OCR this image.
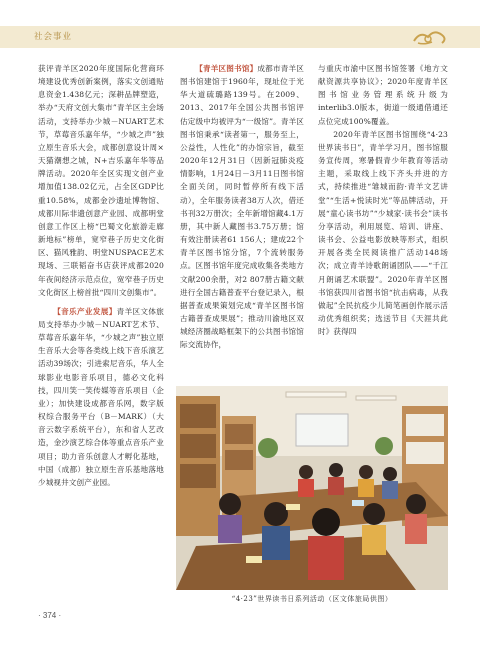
社会事业

获评青羊区2020年度国际化营商环境建设优秀创新案例，落实文创通贴息资金1.438亿元；深耕品牌塑造，举办“天府文创大集市”青羊区主会场活动，支持举办少城－NUART艺术节，草莓音乐嘉年华，“少城之声”独立原生音乐大会，成都创意设计周×天猫潮想之城，N+吉乐嘉年华等品牌活动。2020年全区实现文创产业增加值138.02亿元，占全区GDP比重10.58%，成都金沙遗址博物馆、成都川际非遗创意产业园、成都明堂创意工作区上榜“巴蜀文化旅游走廊新地标”榜单，宽窄巷子历史文化街区、猫风雅韵、明堂NUSPACE艺术现场、三联韬奋书店获评成都2020年夜间经济示范点位，宽窄巷子历史文化街区上榜首批“四川文创集市”。

【音乐产业发展】青羊区文体旅局支持举办少城－NUART艺术节、草莓音乐嘉年华，“少城之声”独立原生音乐大会等各类线上线下音乐演艺活动39场次；引进索尼音乐，华人全球影业电影音乐项目，德必文化科技，四川笑一笑传媒等音乐项目（企业）；加快建设成都音乐网，数字版权综合服务平台（B－MARK）（大音云数字系统平台），东和省人艺改造，金沙演艺综合体等重点音乐产业项目；助力音乐创意人才孵化基地，中国（成都）独立原生音乐基地落地少城视井文创产业园。

【青羊区图书馆】成都市青羊区图书馆建馆于1960年，现址位于光华大道硫璐路139号。在2009、2013、2017年全国公共图书馆评估定级中均被评为“一级馆”。青羊区图书馆秉承“读者第一，服务至上，公益性，人性化”的办馆宗旨，截至2020年12月31日（因新冠肺炎疫情影响，1月24日－3月11日图书馆全面关闭，同时暂停所有线下活动），全年服务读者38万人次，借还书刊32万册次；全年新增馆藏4.1万册，其中新人藏图书3.75万册；馆有效注册读者61 156人；建成22个青羊区图书馆分馆，7个流转服务点。区图书馆年度完成收集各类地方文献200余册，对2 807册古籍文献进行全国古籍普查平台登记录入，根据普查成果策划完成“青羊区图书馆古籍普查成果展”；推动川渝地区双城经济圈战略框架下的公共图书馆馆际交流协作，

与重庆市渝中区图书馆签署《地方文献资源共享协议》；2020年度青羊区图书馆业务管理系统升级为interlib3.0版本，街道一级通借通还点位完成100%覆盖。

2020年青羊区图书馆围绕“4·23世界读书日”，青羊学习月，图书馆服务宣传周，寒暑假青少年教育等活动主题，采取线上线下齐头并进的方式，持续推进“雏城而韵·青羊文艺讲堂”“生活+悦读时光”等品牌活动，开展“童心读书坊”“少城家·读书会”读书分享活动，利用展览、培训、讲座、读书会、公益电影放映等形式，组织开展各类全民阅读推广活动148场次；成立青羊诗歌朗诵团队——“千江月朗诵艺术联盟”。2020年青羊区图书馆获四川省图书馆“抗击病毒，从我做起”全民抗疫少儿简笔画创作展示活动优秀组织奖；选送节目《天涯共此时》获得四

“4·23”世界读书日系列活动（区文体旅局供图）
· 374 ·
